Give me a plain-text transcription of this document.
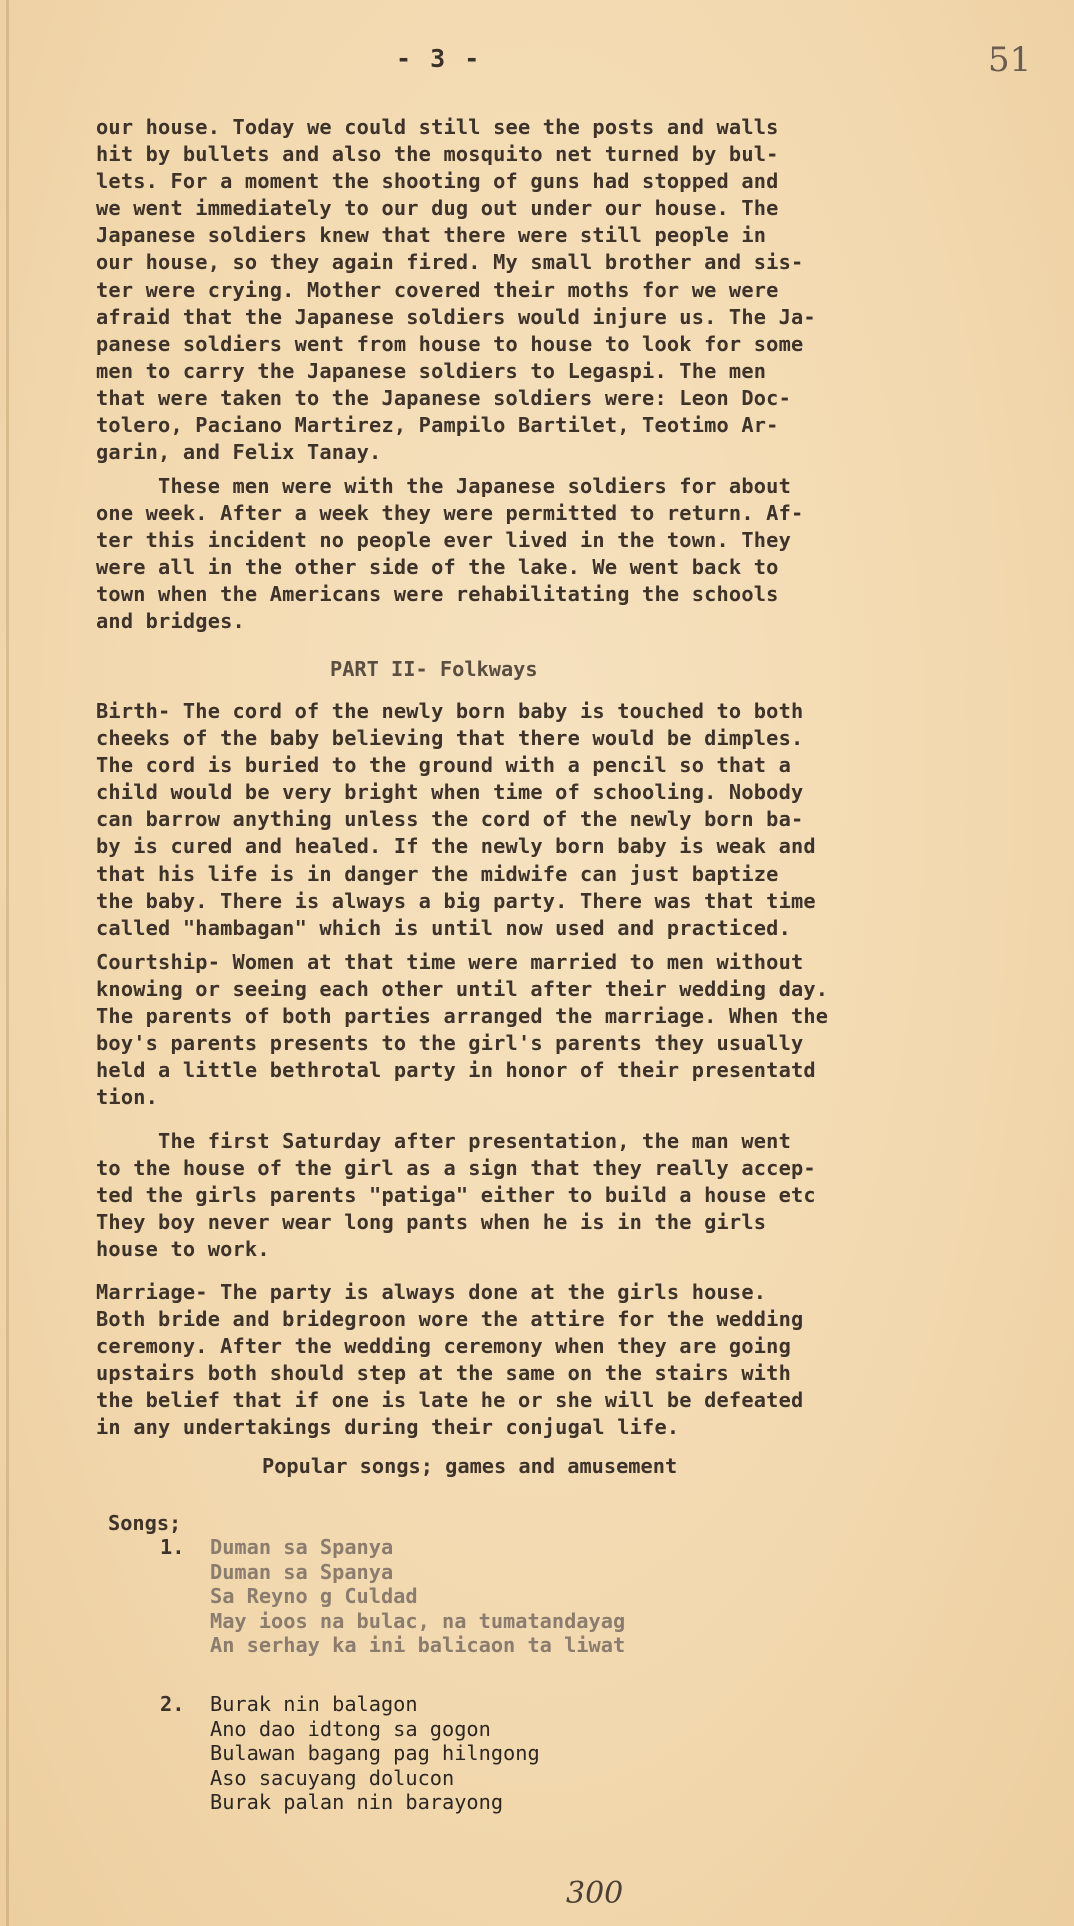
- 3 -	51

our house. Today we could still see the posts and walls
hit by bullets and also the mosquito net turned by bul-
lets. For a moment the shooting of guns had stopped and
we went immediately to our dug out under our house. The
Japanese soldiers knew that there were still people in
our house, so they again fired. My small brother and sis-
ter were crying. Mother covered their moths for we were
afraid that the Japanese soldiers would injure us. The Ja-
panese soldiers went from house to house to look for some
men to carry the Japanese soldiers to Legaspi. The men
that were taken to the Japanese soldiers were: Leon Doc-
tolero, Paciano Martirez, Pampilo Bartilet, Teotimo Ar-
garin, and Felix Tanay.

These men were with the Japanese soldiers for about
one week. After a week they were permitted to return. Af-
ter this incident no people ever lived in the town. They
were all in the other side of the lake. We went back to
town when the Americans were rehabilitating the schools
and bridges.

PART II- Folkways

Birth- The cord of the newly born baby is touched to both
cheeks of the baby believing that there would be dimples.
The cord is buried to the ground with a pencil so that a
child would be very bright when time of schooling. Nobody
can barrow anything unless the cord of the newly born ba-
by is cured and healed. If the newly born baby is weak and
that his life is in danger the midwife can just baptize
the baby. There is always a big party. There was that time
called "hambagan" which is until now used and practiced.

Courtship- Women at that time were married to men without
knowing or seeing each other until after their wedding day.
The parents of both parties arranged the marriage. When the
boy's parents presents to the girl's parents they usually
held a little bethrotal party in honor of their presentatd
tion.

The first Saturday after presentation, the man went
to the house of the girl as a sign that they really accep-
ted the girls parents "patiga" either to build a house etc
They boy never wear long pants when he is in the girls
house to work.

Marriage- The party is always done at the girls house.
Both bride and bridegroon wore the attire for the wedding
ceremony. After the wedding ceremony when they are going
upstairs both should step at the same on the stairs with
the belief that if one is late he or she will be defeated
in any undertakings during their conjugal life.

Popular songs; games and amusement
Songs;
1. Duman sa Spanya
Duman sa Spanya
Sa Reyno g Culdad
May ioos na bulac, na tumatandayag
An serhay ka ini balicaon ta liwat

2. Burak nin balagon
Ano dao idtong sa gogon
Bulawan bagang pag hilngong
Aso sacuyang dolucon
Burak palan nin barayong

300
